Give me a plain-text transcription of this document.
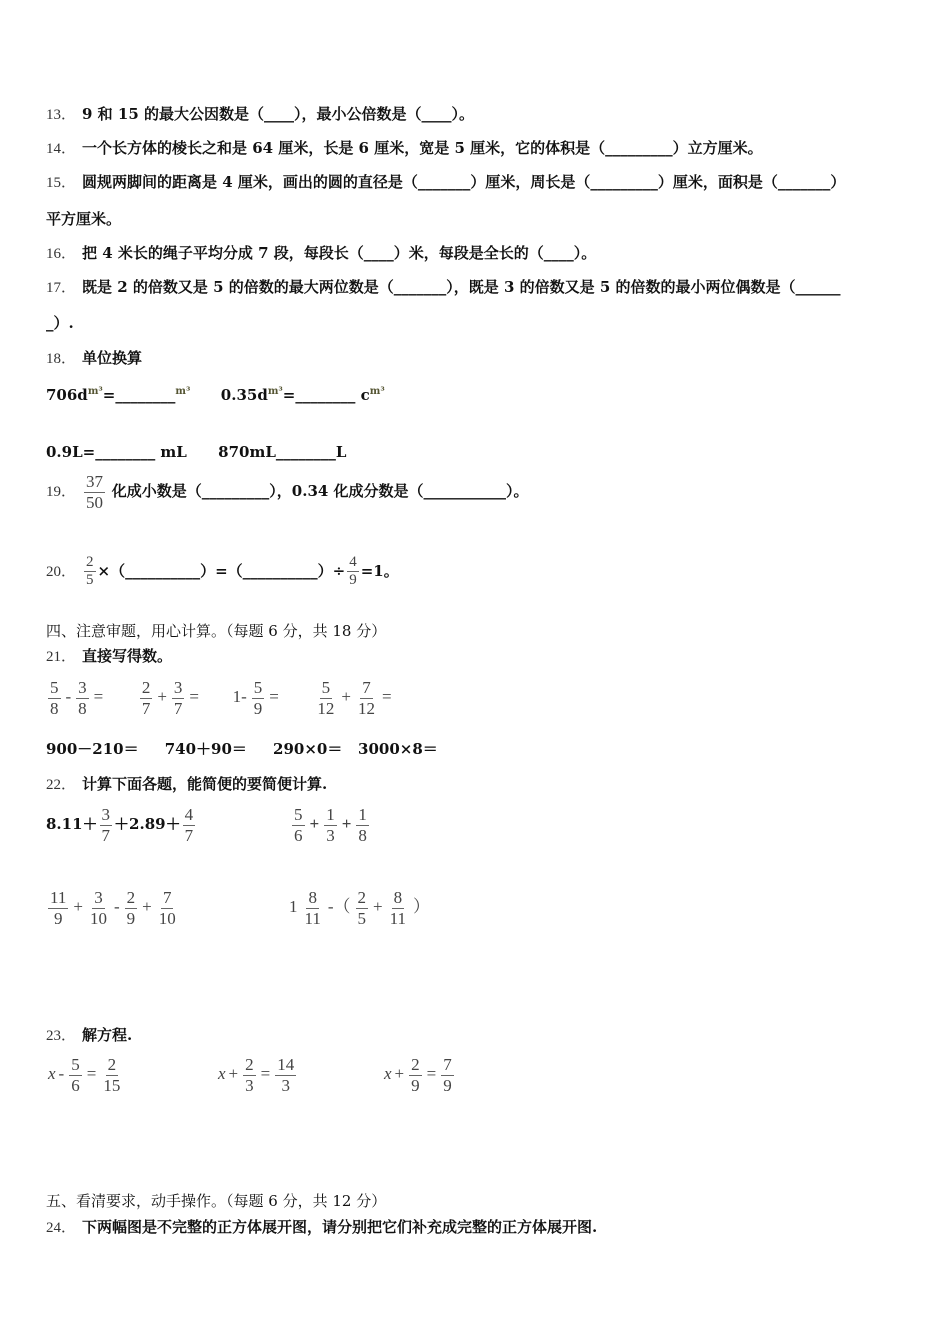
13． 9 和 15 的最大公因数是（____），最小公倍数是（____）。
14． 一个长方体的棱长之和是 64 厘米，长是 6 厘米，宽是 5 厘米，它的体积是（_________）立方厘米。
15． 圆规两脚间的距离是 4 厘米，画出的圆的直径是（_______）厘米，周长是（_________）厘米，面积是（_______）
平方厘米。
16． 把 4 米长的绳子平均分成 7 段，每段长（____）米，每段是全长的（____）。
17． 既是 2 的倍数又是 5 的倍数的最大两位数是（_______），既是 3 的倍数又是 5 的倍数的最小两位偶数是（______
_）.
18． 单位换算
$706d^{m^3}=\_\_\_\_\_\_\_\_^{m^3}$ $0.35d^{m^3}=\_\_\_\_\_\_\_\_$ $c^{m^3}$
0.9L=________ mL      870mL________L
19． $\frac{37}{50}$ 化成小数是（_________），0.34 化成分数是（___________）。
20． $\frac{2}{5}$ ×（__________）=（__________）÷ $\frac{4}{9} =1$。
四、注意审题，用心计算。（每题 6 分，共 18 分）
21． 直接写得数。
$\frac{5}{8} - \frac{3}{8} = \frac{2}{7} + \frac{3}{7} = 1- \frac{5}{9} = \frac{5}{12} + \frac{7}{12}$ =
900－210＝     740＋90＝     290×0＝   3000×8＝
22． 计算下面各题，能简便的要简便计算.
$8.11+ \frac{3}{7} +2.89+ \frac{4}{7}$	$\frac{5}{6} + \frac{1}{3} + \frac{1}{8}$
$\frac{11}{9} + \frac{3}{10} - \frac{2}{9} + \frac{7}{10}$	$1 \frac{8}{11}$ -（ $\frac{2}{5} + \frac{8}{11}$ ）
23． 解方程.
$x - \frac{5}{6} = \frac{2}{15}$	$x + \frac{2}{3} = \frac{14}{3}$	$x + \frac{2}{9} = \frac{7}{9}$
五、看清要求，动手操作。（每题 6 分，共 12 分）
24． 下两幅图是不完整的正方体展开图，请分别把它们补充成完整的正方体展开图.
